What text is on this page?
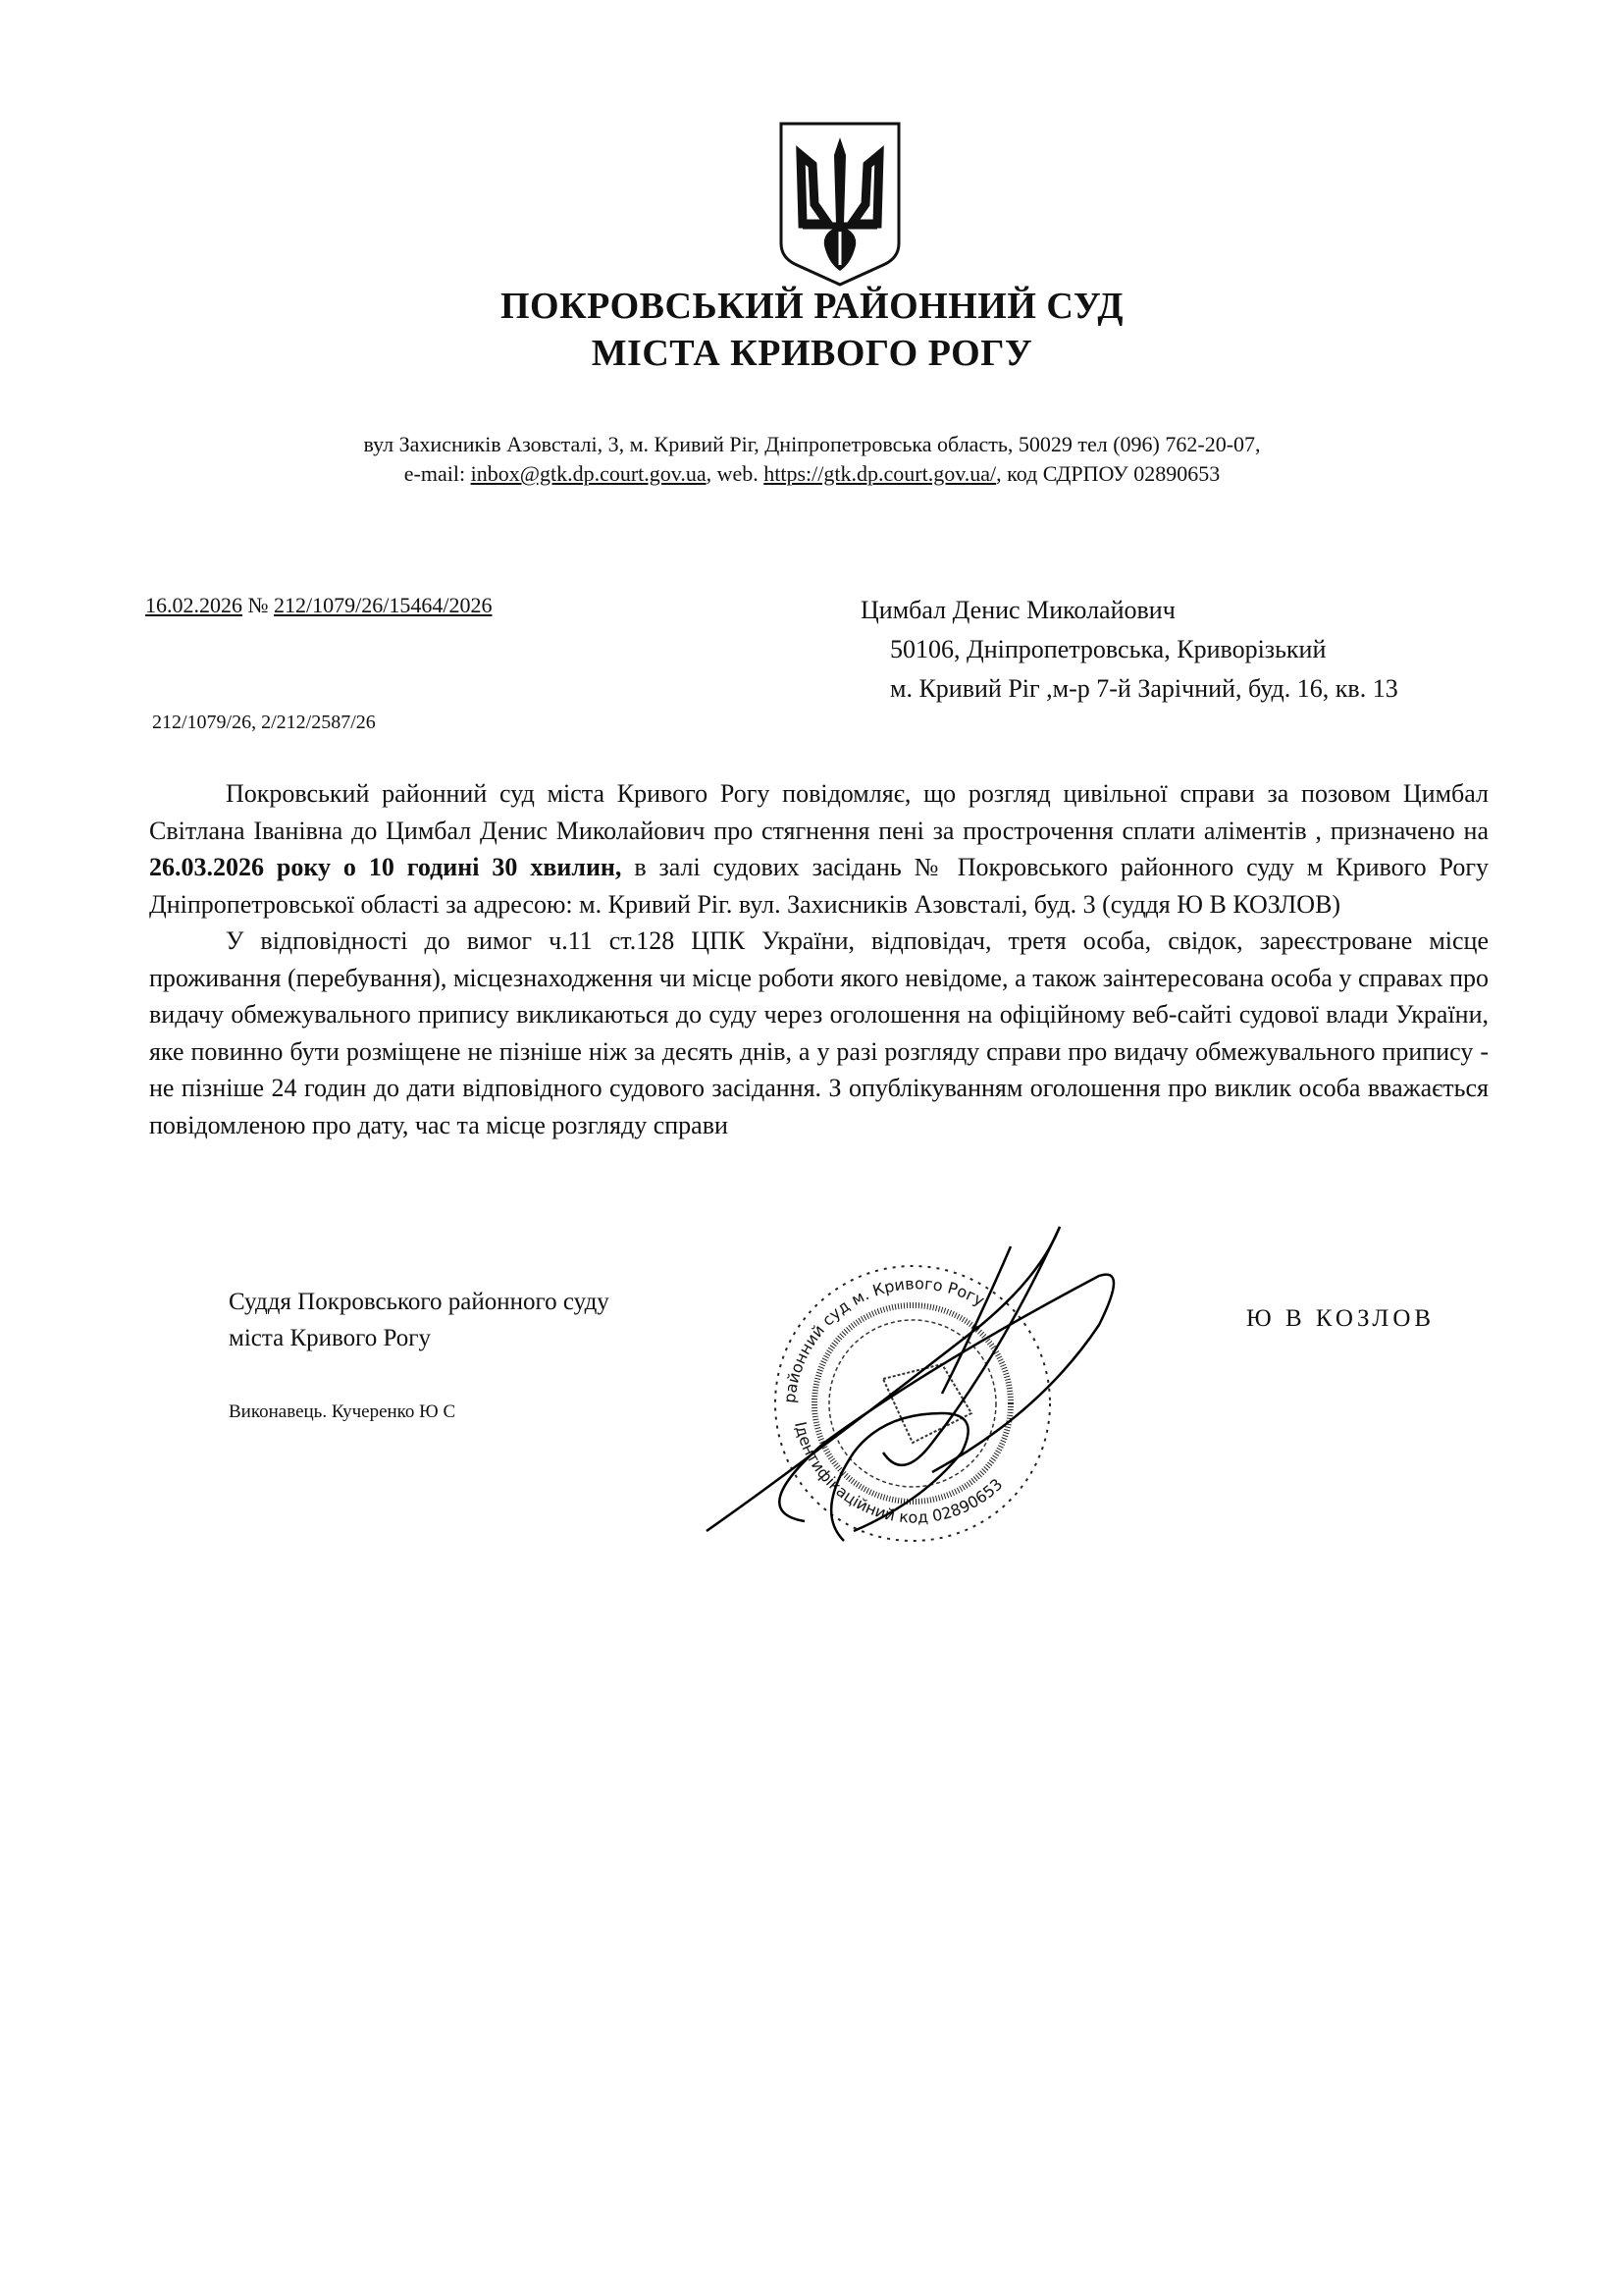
ПОКРОВСЬКИЙ РАЙОННИЙ СУД
МІСТА КРИВОГО РОГУ
вул Захисників Азовсталі, 3, м. Кривий Ріг, Дніпропетровська область, 50029 тел (096) 762-20-07,
e-mail: inbox@gtk.dp.court.gov.ua, web. https://gtk.dp.court.gov.ua/, код СДРПОУ 02890653
16.02.2026 № 212/1079/26/15464/2026	Цимбал Денис Миколайович
50106, Дніпропетровська, Криворізький
м. Кривий Ріг ,м-р 7-й Зарічний, буд. 16, кв. 13
212/1079/26, 2/212/2587/26

Покровський районний суд міста Кривого Рогу повідомляє, що розгляд цивільної справи за позовом Цимбал Світлана Іванівна до Цимбал Денис Миколайович про стягнення пені за прострочення сплати аліментів , призначено на 26.03.2026 року о 10 годині 30 хвилин, в залі судових засідань № Покровського районного суду м Кривого Рогу Дніпропетровської області за адресою: м. Кривий Ріг. вул. Захисників Азовсталі, буд. 3 (суддя Ю В КОЗЛОВ)

У відповідності до вимог ч.11 ст.128 ЦПК України, відповідач, третя особа, свідок, зареєстроване місце проживання (перебування), місцезнаходження чи місце роботи якого невідоме, а також заінтересована особа у справах про видачу обмежувального припису викликаються до суду через оголошення на офіційному веб-сайті судової влади України, яке повинно бути розміщене не пізніше ніж за десять днів, а у разі розгляду справи про видачу обмежувального припису - не пізніше 24 годин до дати відповідного судового засідання. З опублікуванням оголошення про виклик особа вважається повідомленою про дату, час та місце розгляду справи

Суддя Покровського районного суду
міста Кривого Рогу
Ю В КОЗЛОВ
Виконавець. Кучеренко Ю С
районний суд м. Кривого Рогу
Ідентифікаційний код 02890653
